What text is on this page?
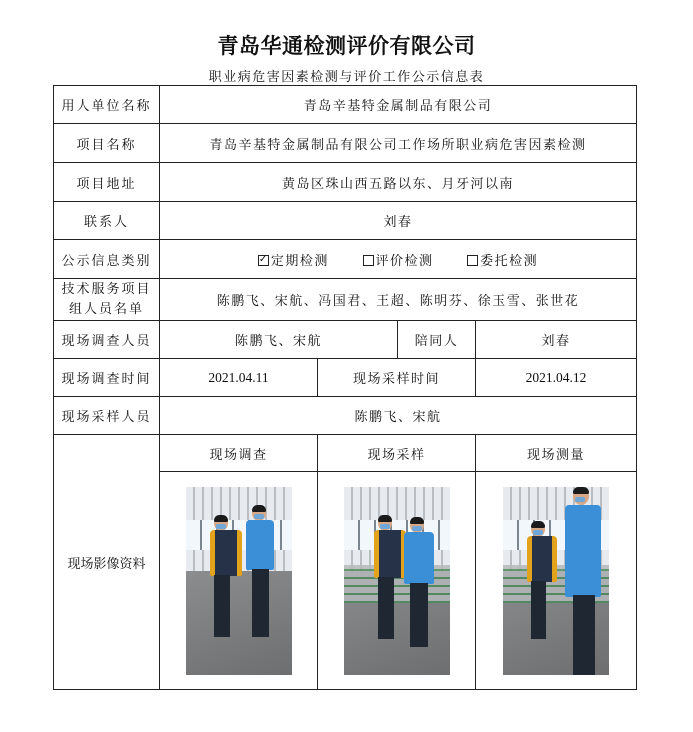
青岛华通检测评价有限公司
职业病危害因素检测与评价工作公示信息表
用人单位名称	青岛辛基特金属制品有限公司			
项目名称	青岛辛基特金属制品有限公司工作场所职业病危害因素检测			
项目地址	黄岛区珠山西五路以东、月牙河以南			
联系人	刘春			
公示信息类别	✓定期检测 评价检测 委托检测

技术服务项目
组人员名单	陈鹏飞、宋航、冯国君、王超、陈明芬、徐玉雪、张世花			
现场调查人员	陈鹏飞、宋航		陪同人	刘春
现场调查时间	2021.04.11	现场采样时间		2021.04.12
现场采样人员	陈鹏飞、宋航			
现场影像资料	现场调查	现场采样		现场测量
